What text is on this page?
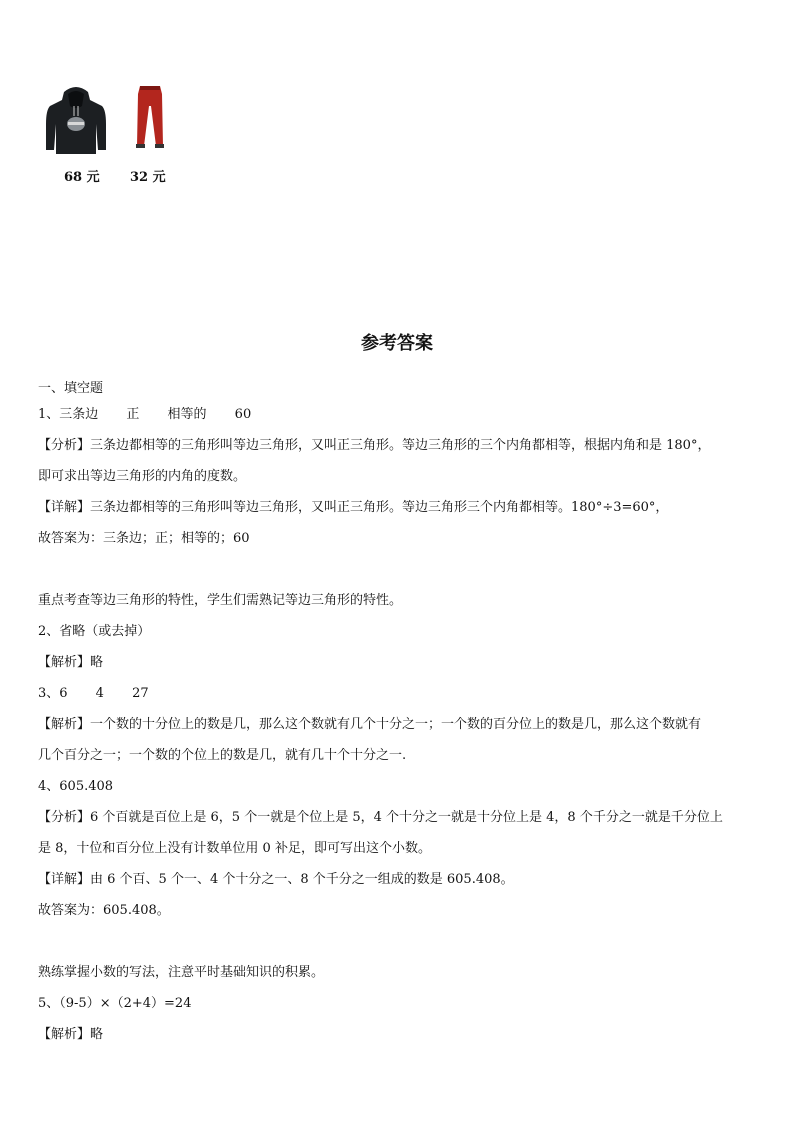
68 元 32 元
参考答案
一、填空题
1、三条边 正 相等的 60
【分析】三条边都相等的三角形叫等边三角形，又叫正三角形。等边三角形的三个内角都相等，根据内角和是 180°，
即可求出等边三角形的内角的度数。
【详解】三条边都相等的三角形叫等边三角形，又叫正三角形。等边三角形三个内角都相等。180°÷3=60°，
故答案为：三条边；正；相等的；60
重点考查等边三角形的特性，学生们需熟记等边三角形的特性。
2、省略（或去掉）
【解析】略
3、6 4 27
【解析】一个数的十分位上的数是几，那么这个数就有几个十分之一；一个数的百分位上的数是几，那么这个数就有
几个百分之一；一个数的个位上的数是几，就有几十个十分之一.
4、605.408
【分析】6 个百就是百位上是 6，5 个一就是个位上是 5，4 个十分之一就是十分位上是 4，8 个千分之一就是千分位上
是 8，十位和百分位上没有计数单位用 0 补足，即可写出这个小数。
【详解】由 6 个百、5 个一、4 个十分之一、8 个千分之一组成的数是 605.408。
故答案为：605.408。
熟练掌握小数的写法，注意平时基础知识的积累。
5、（9-5）×（2+4）=24
【解析】略
